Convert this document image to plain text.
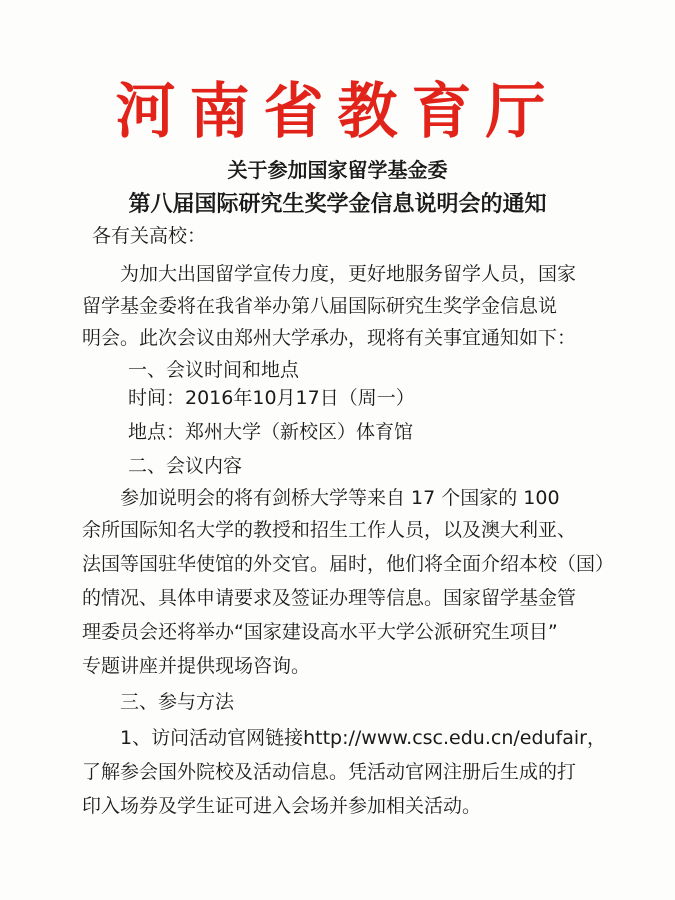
河南省教育厅
关于参加国家留学基金委
第八届国际研究生奖学金信息说明会的通知
各有关高校：
为加大出国留学宣传力度，更好地服务留学人员，国家
留学基金委将在我省举办第八届国际研究生奖学金信息说
明会。此次会议由郑州大学承办，现将有关事宜通知如下：
一、会议时间和地点
时间：2016年10月17日（周一）
地点：郑州大学（新校区）体育馆
二、会议内容
参加说明会的将有剑桥大学等来自 17 个国家的 100
余所国际知名大学的教授和招生工作人员，以及澳大利亚、
法国等国驻华使馆的外交官。届时，他们将全面介绍本校（国）
的情况、具体申请要求及签证办理等信息。国家留学基金管
理委员会还将举办“国家建设高水平大学公派研究生项目”
专题讲座并提供现场咨询。
三、参与方法
1、访问活动官网链接http://www.csc.edu.cn/edufair，
了解参会国外院校及活动信息。凭活动官网注册后生成的打
印入场券及学生证可进入会场并参加相关活动。
